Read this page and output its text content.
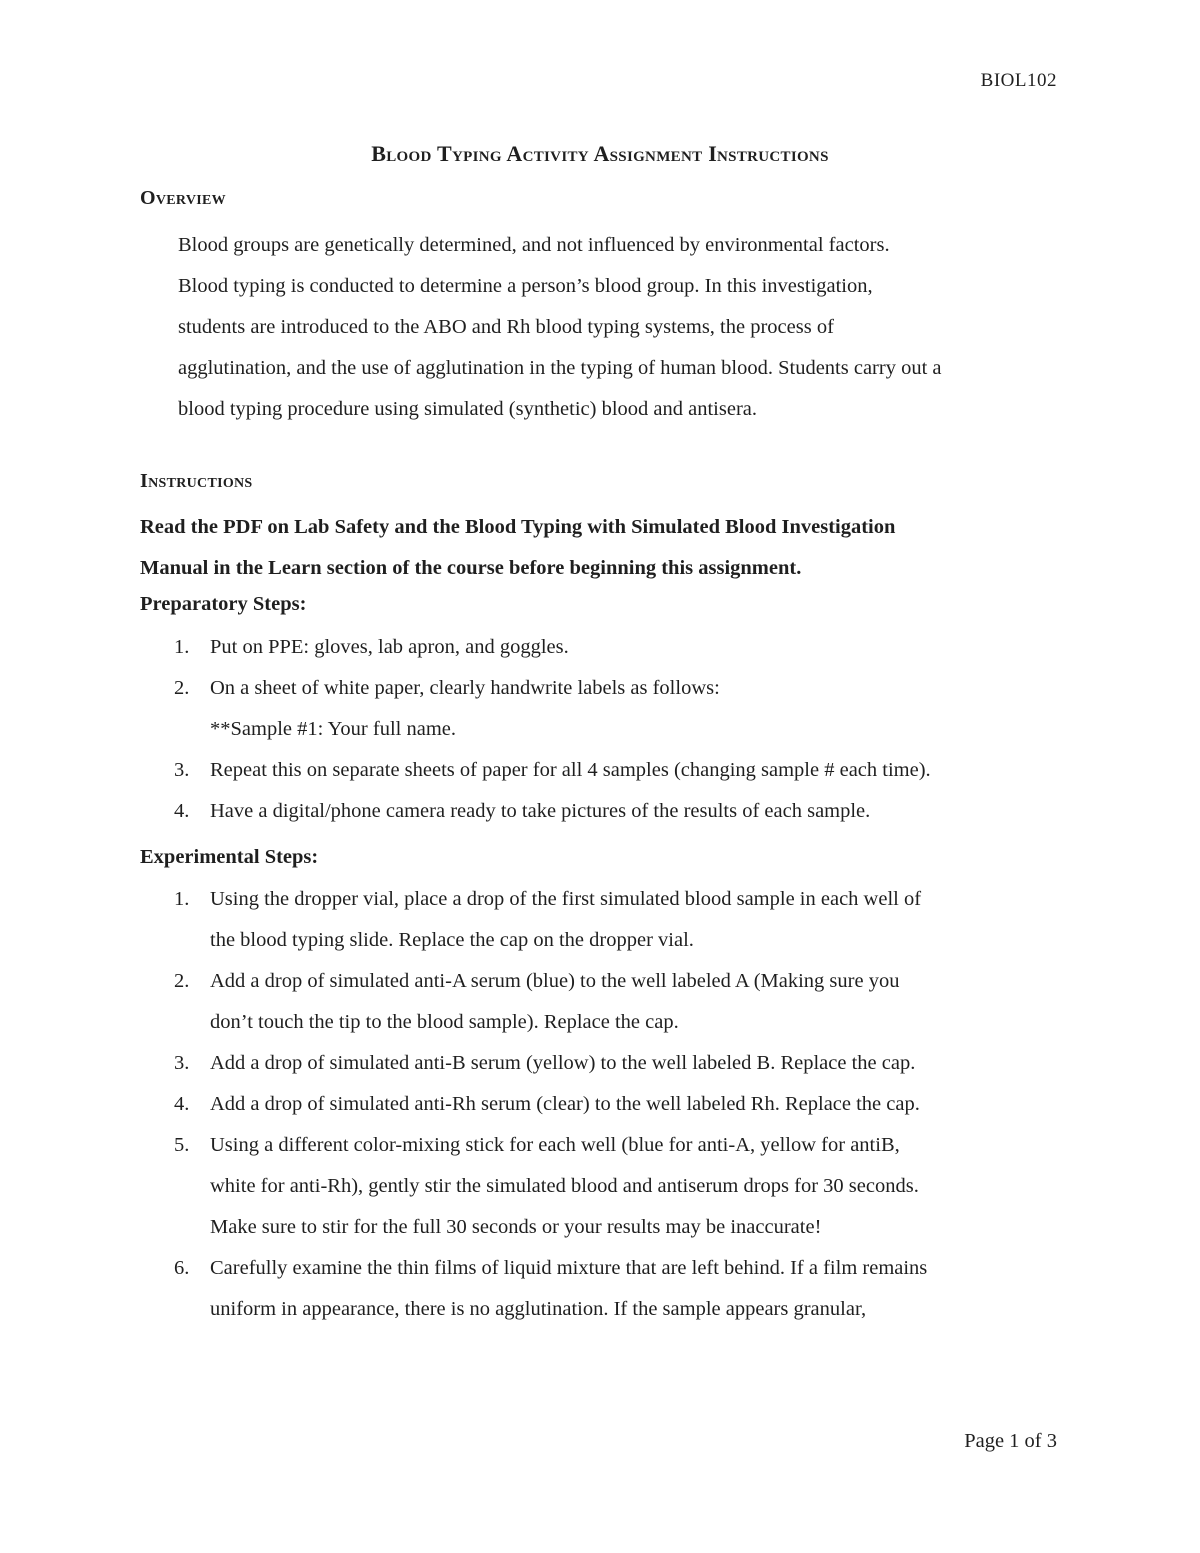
BIOL102
Blood Typing Activity Assignment Instructions
Overview
Blood groups are genetically determined, and not influenced by environmental factors.
Blood typing is conducted to determine a person’s blood group. In this investigation,
students are introduced to the ABO and Rh blood typing systems, the process of
agglutination, and the use of agglutination in the typing of human blood. Students carry out a
blood typing procedure using simulated (synthetic) blood and antisera.
Instructions
Read the PDF on Lab Safety and the Blood Typing with Simulated Blood Investigation
Manual in the Learn section of the course before beginning this assignment.
Preparatory Steps:
1. Put on PPE: gloves, lab apron, and goggles.
2. On a sheet of white paper, clearly handwrite labels as follows:
**Sample #1: Your full name.
3. Repeat this on separate sheets of paper for all 4 samples (changing sample # each time).
4. Have a digital/phone camera ready to take pictures of the results of each sample.
Experimental Steps:
1. Using the dropper vial, place a drop of the first simulated blood sample in each well of
the blood typing slide. Replace the cap on the dropper vial.
2. Add a drop of simulated anti-A serum (blue) to the well labeled A (Making sure you
don’t touch the tip to the blood sample). Replace the cap.
3. Add a drop of simulated anti-B serum (yellow) to the well labeled B. Replace the cap.
4. Add a drop of simulated anti-Rh serum (clear) to the well labeled Rh. Replace the cap.
5. Using a different color-mixing stick for each well (blue for anti-A, yellow for antiB,
white for anti-Rh), gently stir the simulated blood and antiserum drops for 30 seconds.
Make sure to stir for the full 30 seconds or your results may be inaccurate!
6. Carefully examine the thin films of liquid mixture that are left behind. If a film remains
uniform in appearance, there is no agglutination. If the sample appears granular,
Page 1 of 3
